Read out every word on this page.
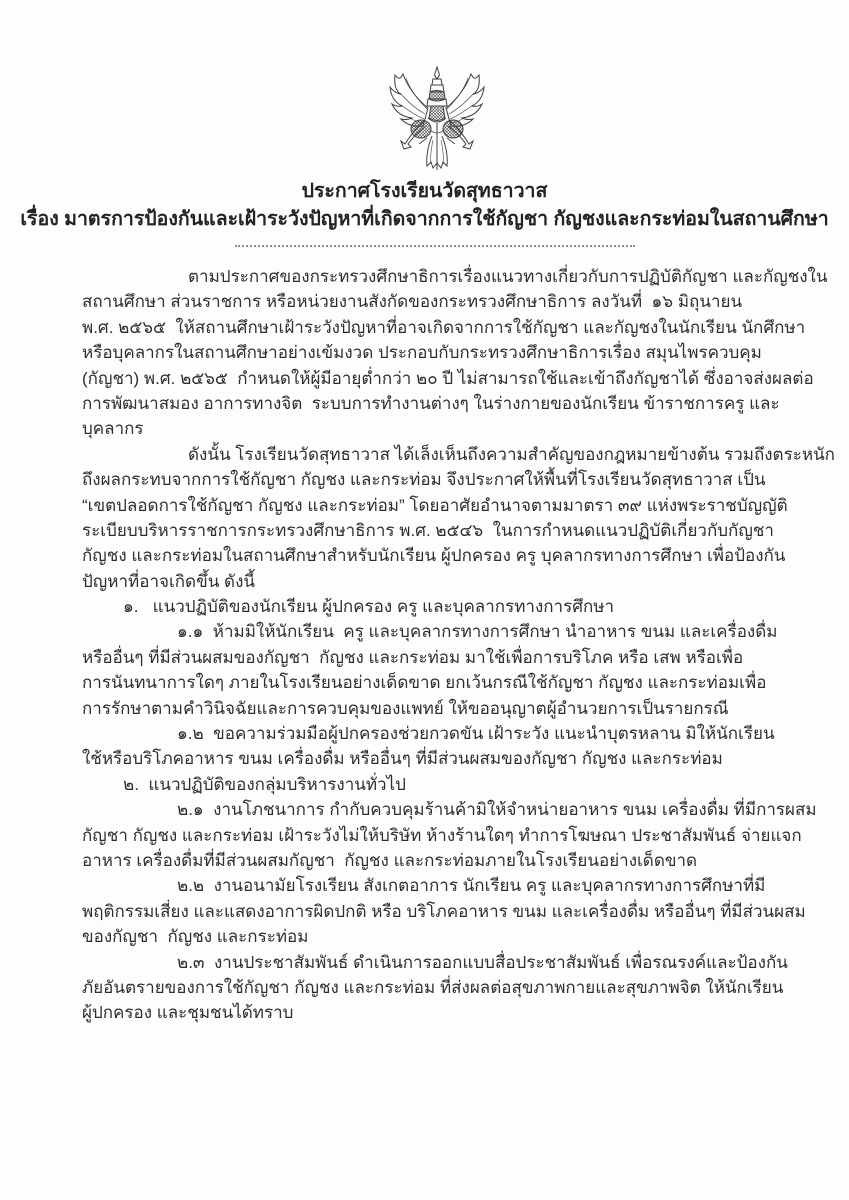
ประกาศโรงเรียนวัดสุทธาวาส
เรื่อง มาตรการป้องกันและเฝ้าระวังปัญหาที่เกิดจากการใช้กัญชา กัญชงและกระท่อมในสถานศึกษา
ตามประกาศของกระทรวงศึกษาธิการเรื่องแนวทางเกี่ยวกับการปฏิบัติกัญชา และกัญชงใน
สถานศึกษา ส่วนราชการ หรือหน่วยงานสังกัดของกระทรวงศึกษาธิการ ลงวันที่  ๑๖ มิถุนายน
พ.ศ. ๒๕๖๕  ให้สถานศึกษาเฝ้าระวังปัญหาที่อาจเกิดจากการใช้กัญชา และกัญชงในนักเรียน นักศึกษา
หรือบุคลากรในสถานศึกษาอย่างเข้มงวด ประกอบกับกระทรวงศึกษาธิการเรื่อง สมุนไพรควบคุม
(กัญชา) พ.ศ. ๒๕๖๕  กำหนดให้ผู้มีอายุต่ำกว่า ๒๐ ปี ไม่สามารถใช้และเข้าถึงกัญชาได้ ซึ่งอาจส่งผลต่อ
การพัฒนาสมอง อาการทางจิต  ระบบการทำงานต่างๆ ในร่างกายของนักเรียน ข้าราชการครู และ
บุคลากร
ดังนั้น โรงเรียนวัดสุทธาวาส ได้เล็งเห็นถึงความสำคัญของกฎหมายข้างต้น รวมถึงตระหนัก
ถึงผลกระทบจากการใช้กัญชา กัญชง และกระท่อม จึงประกาศให้พื้นที่โรงเรียนวัดสุทธาวาส เป็น
“เขตปลอดการใช้กัญชา กัญชง และกระท่อม” โดยอาศัยอำนาจตามมาตรา ๓๙ แห่งพระราชบัญญัติ
ระเบียบบริหารราชการกระทรวงศึกษาธิการ พ.ศ. ๒๕๔๖  ในการกำหนดแนวปฏิบัติเกี่ยวกับกัญชา
กัญชง และกระท่อมในสถานศึกษาสำหรับนักเรียน ผู้ปกครอง ครู บุคลากรทางการศึกษา เพื่อป้องกัน
ปัญหาที่อาจเกิดขึ้น ดังนี้
๑.   แนวปฏิบัติของนักเรียน ผู้ปกครอง ครู และบุคลากรทางการศึกษา
๑.๑  ห้ามมิให้นักเรียน  ครู และบุคลากรทางการศึกษา นำอาหาร ขนม และเครื่องดื่ม
หรืออื่นๆ ที่มีส่วนผสมของกัญชา  กัญชง และกระท่อม มาใช้เพื่อการบริโภค หรือ เสพ หรือเพื่อ
การนันทนาการใดๆ ภายในโรงเรียนอย่างเด็ดขาด ยกเว้นกรณีใช้กัญชา กัญชง และกระท่อมเพื่อ
การรักษาตามคำวินิจฉัยและการควบคุมของแพทย์ ให้ขออนุญาตผู้อำนวยการเป็นรายกรณี
๑.๒  ขอความร่วมมือผู้ปกครองช่วยกวดขัน เฝ้าระวัง แนะนำบุตรหลาน มิให้นักเรียน
ใช้หรือบริโภคอาหาร ขนม เครื่องดื่ม หรืออื่นๆ ที่มีส่วนผสมของกัญชา กัญชง และกระท่อม
๒.  แนวปฏิบัติของกลุ่มบริหารงานทั่วไป
๒.๑  งานโภชนาการ กำกับควบคุมร้านค้ามิให้จำหน่ายอาหาร ขนม เครื่องดื่ม ที่มีการผสม
กัญชา กัญชง และกระท่อม เฝ้าระวังไม่ให้บริษัท ห้างร้านใดๆ ทำการโฆษณา ประชาสัมพันธ์ จ่ายแจก
อาหาร เครื่องดื่มที่มีส่วนผสมกัญชา  กัญชง และกระท่อมภายในโรงเรียนอย่างเด็ดขาด
๒.๒  งานอนามัยโรงเรียน สังเกตอาการ นักเรียน ครู และบุคลากรทางการศึกษาที่มี
พฤติกรรมเสี่ยง และแสดงอาการผิดปกติ หรือ บริโภคอาหาร ขนม และเครื่องดื่ม หรืออื่นๆ ที่มีส่วนผสม
ของกัญชา  กัญชง และกระท่อม
๒.๓  งานประชาสัมพันธ์ ดำเนินการออกแบบสื่อประชาสัมพันธ์ เพื่อรณรงค์และป้องกัน
ภัยอันตรายของการใช้กัญชา กัญชง และกระท่อม ที่ส่งผลต่อสุขภาพกายและสุขภาพจิต ให้นักเรียน
ผู้ปกครอง และชุมชนได้ทราบ
